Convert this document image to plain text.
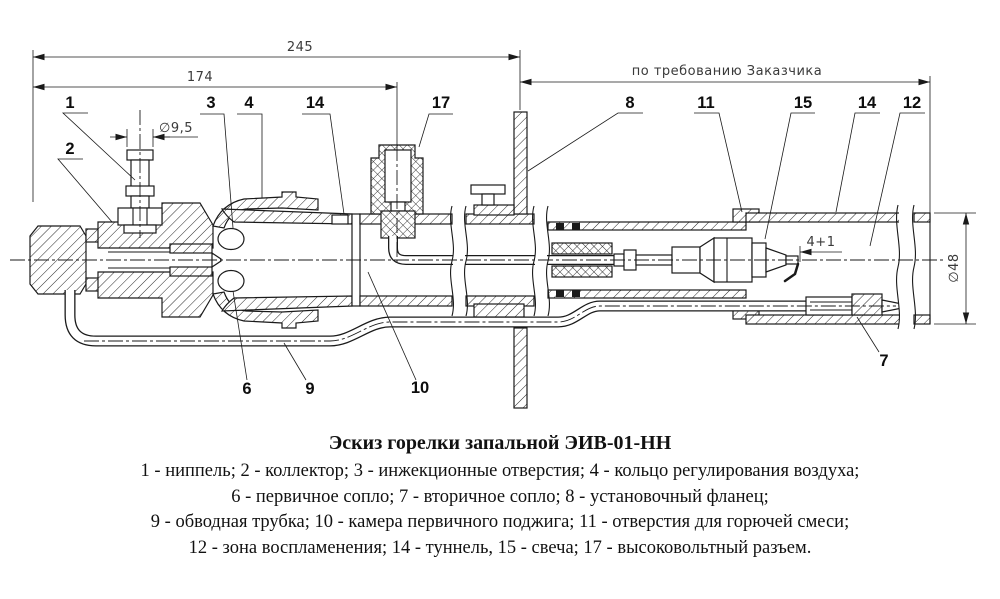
245
174	по требованию Заказчика
∅9,5
∅48
4+1
1
2
3 4	14	17	8	11	15	14 12
6	9	10
7
Эскиз горелки запальной ЭИВ-01-НН
1 - ниппель; 2 - коллектор; 3 - инжекционные отверстия; 4 - кольцо регулирования воздуха;
6 - первичное сопло; 7 - вторичное сопло; 8 - установочный фланец;
9 - обводная трубка; 10 - камера первичного поджига; 11 - отверстия для горючей смеси;
12 - зона воспламенения; 14 - туннель, 15 - свеча; 17 - высоковольтный разъем.
